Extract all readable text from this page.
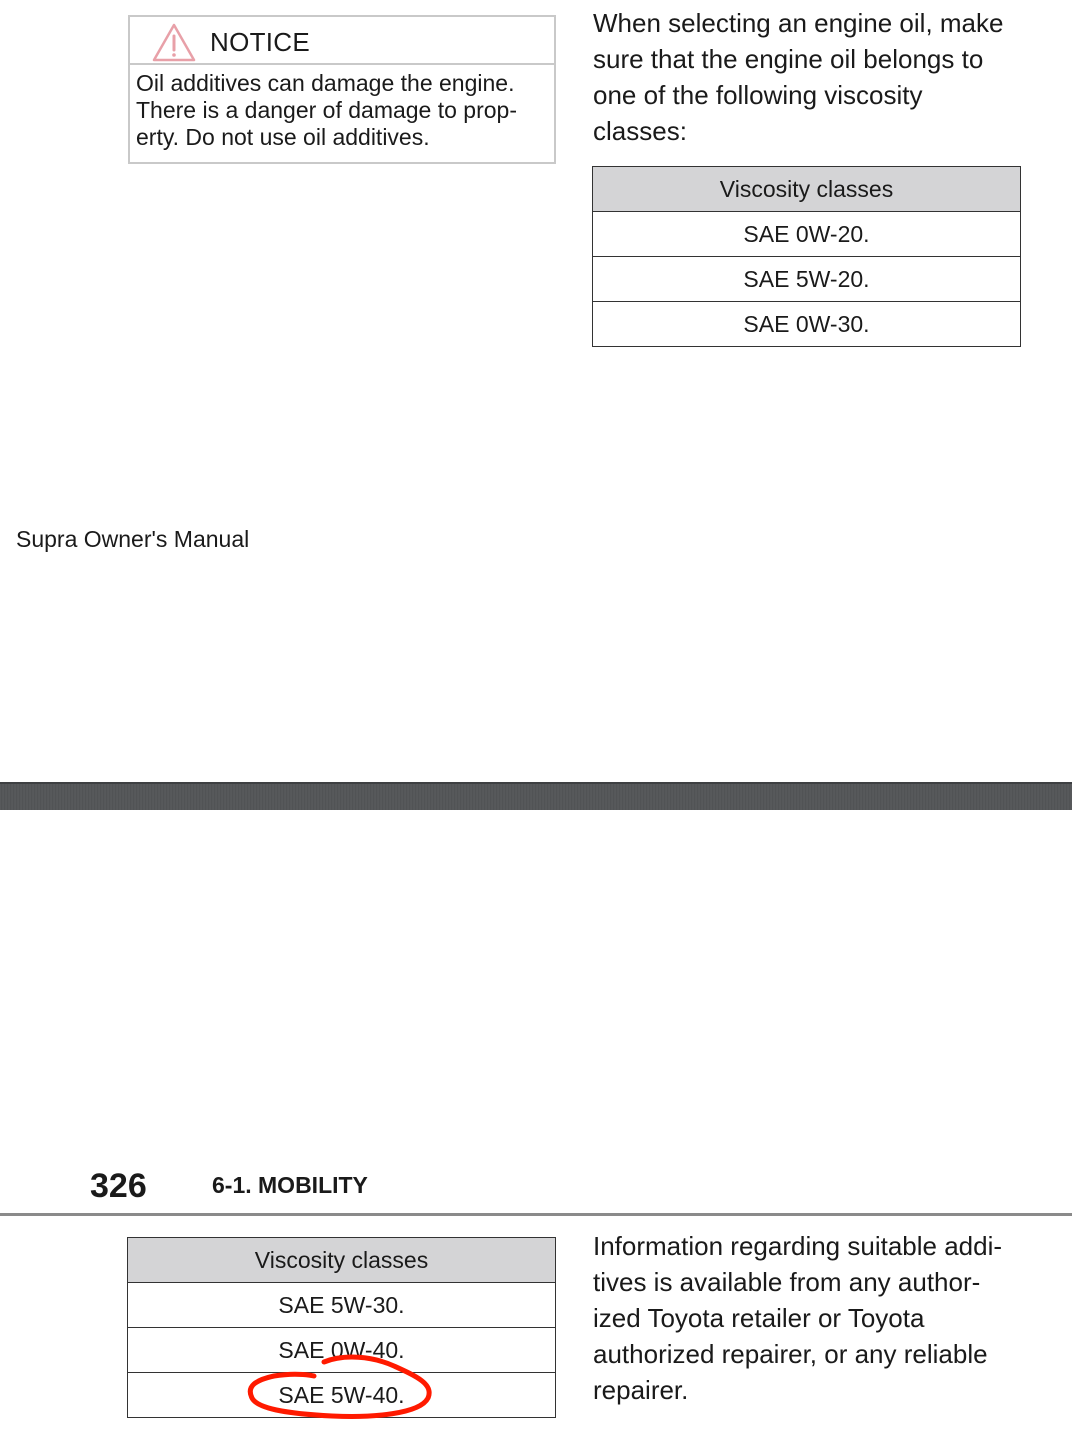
NOTICE
Oil additives can damage the engine.
There is a danger of damage to prop-
erty. Do not use oil additives.
When selecting an engine oil, make
sure that the engine oil belongs to
one of the following viscosity
classes:
Viscosity classes
SAE 0W-20.
SAE 5W-20.
SAE 0W-30.
Supra Owner's Manual
326	6-1. MOBILITY
Viscosity classes
SAE 5W-30.
SAE 0W-40.
SAE 5W-40.
Information regarding suitable addi-
tives is available from any author-
ized Toyota retailer or Toyota
authorized repairer, or any reliable
repairer.
